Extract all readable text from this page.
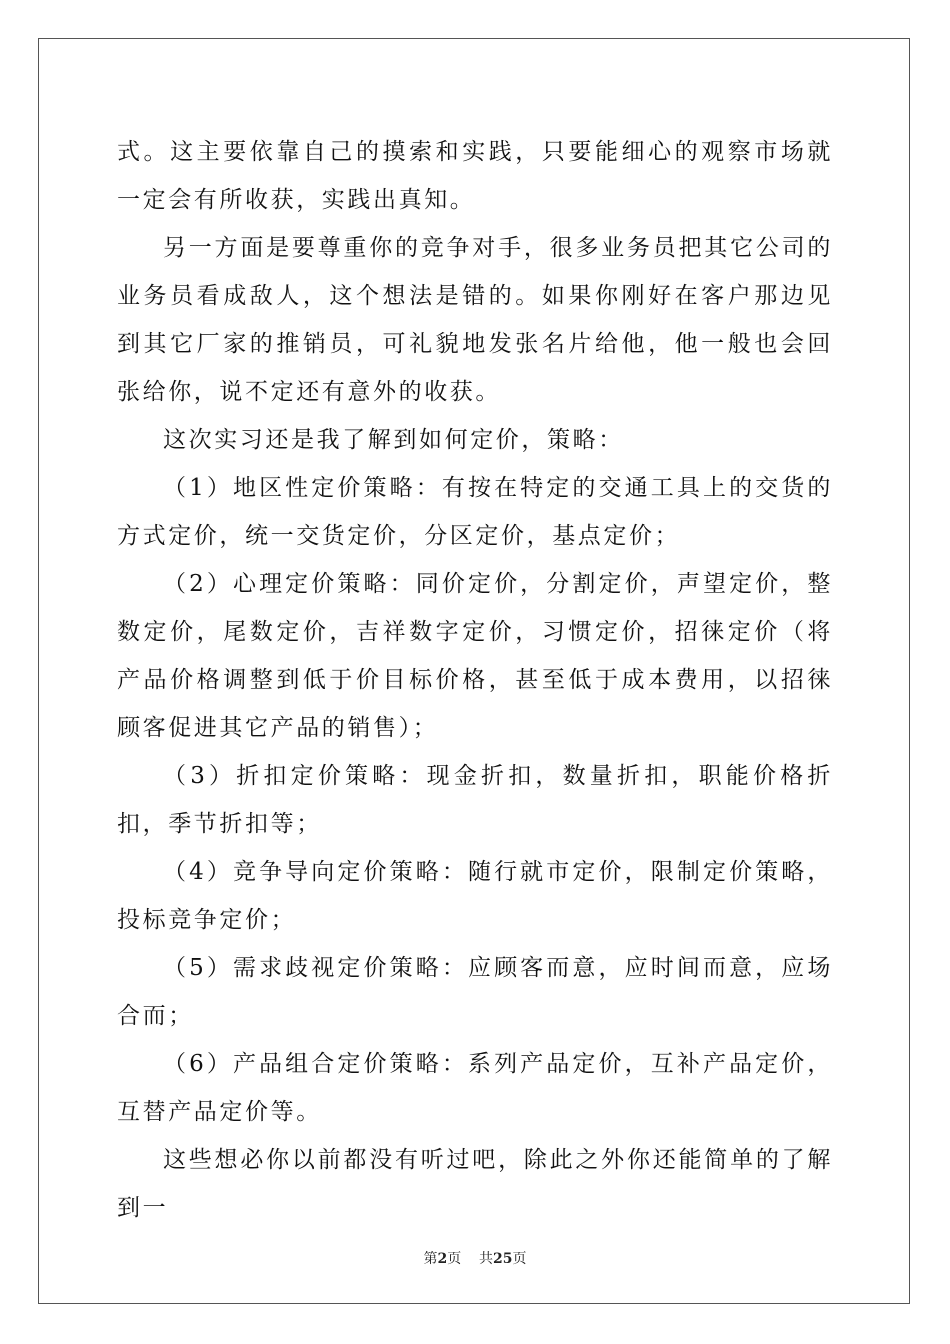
式。这主要依靠自己的摸索和实践，只要能细心的观察市场就一定会有所收获，实践出真知。

另一方面是要尊重你的竞争对手，很多业务员把其它公司的业务员看成敌人，这个想法是错的。如果你刚好在客户那边见到其它厂家的推销员，可礼貌地发张名片给他，他一般也会回张给你，说不定还有意外的收获。

这次实习还是我了解到如何定价，策略：

（1）地区性定价策略：有按在特定的交通工具上的交货的方式定价，统一交货定价，分区定价，基点定价；

（2）心理定价策略：同价定价，分割定价，声望定价，整数定价，尾数定价，吉祥数字定价，习惯定价，招徕定价（将产品价格调整到低于价目标价格，甚至低于成本费用，以招徕顾客促进其它产品的销售）；

（3）折扣定价策略：现金折扣，数量折扣，职能价格折扣，季节折扣等；

（4）竞争导向定价策略：随行就市定价，限制定价策略，投标竞争定价；

（5）需求歧视定价策略：应顾客而意，应时间而意，应场合而；

（6）产品组合定价策略：系列产品定价，互补产品定价，互替产品定价等。

这些想必你以前都没有听过吧，除此之外你还能简单的了解到一

第2页 共25页
